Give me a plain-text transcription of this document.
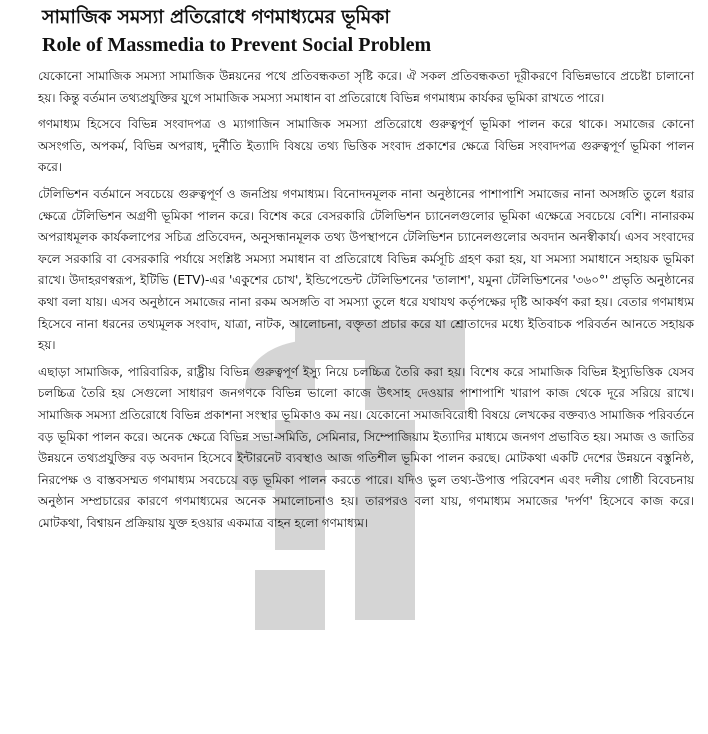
সামাজিক সমস্যা প্রতিরোধে গণমাধ্যমের ভূমিকা
Role of Massmedia to Prevent Social Problem

যেকোনো সামাজিক সমস্যা সামাজিক উন্নয়নের পথে প্রতিবন্ধকতা সৃষ্টি করে। ঐ সকল প্রতিবন্ধকতা দূরীকরণে বিভিন্নভাবে প্রচেষ্টা চালানো হয়। কিন্তু বর্তমান তথ্যপ্রযুক্তির যুগে সামাজিক সমস্যা সমাধান বা প্রতিরোধে বিভিন্ন গণমাধ্যম কার্যকর ভূমিকা রাখতে পারে।

গণমাধ্যম হিসেবে বিভিন্ন সংবাদপত্র ও ম্যাগাজিন সামাজিক সমস্যা প্রতিরোধে গুরুত্বপূর্ণ ভূমিকা পালন করে থাকে। সমাজের কোনো অসংগতি, অপকর্ম, বিভিন্ন অপরাধ, দুর্নীতি ইত্যাদি বিষয়ে তথ্য ভিত্তিক সংবাদ প্রকাশের ক্ষেত্রে বিভিন্ন সংবাদপত্র গুরুত্বপূর্ণ ভূমিকা পালন করে।

টেলিভিশন বর্তমানে সবচেয়ে গুরুত্বপূর্ণ ও জনপ্রিয় গণমাধ্যম। বিনোদনমূলক নানা অনুষ্ঠানের পাশাপাশি সমাজের নানা অসঙ্গতি তুলে ধরার ক্ষেত্রে টেলিভিশন অগ্রণী ভূমিকা পালন করে। বিশেষ করে বেসরকারি টেলিভিশন চ্যানেলগুলোর ভূমিকা এক্ষেত্রে সবচেয়ে বেশি। নানারকম অপরাধমূলক কার্যকলাপের সচিত্র প্রতিবেদন, অনুসন্ধানমূলক তথ্য উপস্থাপনে টেলিভিশন চ্যানেলগুলোর অবদান অনস্বীকার্য। এসব সংবাদের ফলে সরকারি বা বেসরকারি পর্যায়ে সংশ্লিষ্ট সমস্যা সমাধান বা প্রতিরোধে বিভিন্ন কর্মসূচি গ্রহণ করা হয়, যা সমস্যা সমাধানে সহায়ক ভূমিকা রাখে। উদাহরণস্বরূপ, ইটিভি (ETV)-এর 'একুশের চোখ', ইন্ডিপেন্ডেন্ট টেলিভিশনের 'তালাশ', যমুনা টেলিভিশনের '৩৬০°' প্রভৃতি অনুষ্ঠানের কথা বলা যায়। এসব অনুষ্ঠানে সমাজের নানা রকম অসঙ্গতি বা সমস্যা তুলে ধরে যথাযথ কর্তৃপক্ষের দৃষ্টি আকর্ষণ করা হয়। বেতার গণমাধ্যম হিসেবে নানা ধরনের তথ্যমূলক সংবাদ, যাত্রা, নাটক, আলোচনা, বক্তৃতা প্রচার করে যা শ্রোতাদের মধ্যে ইতিবাচক পরিবর্তন আনতে সহায়ক হয়।

এছাড়া সামাজিক, পারিবারিক, রাষ্ট্রীয় বিভিন্ন গুরুত্বপূর্ণ ইস্যু নিয়ে চলচ্চিত্র তৈরি করা হয়। বিশেষ করে সামাজিক বিভিন্ন ইস্যুভিত্তিক যেসব চলচ্চিত্র তৈরি হয় সেগুলো সাধারণ জনগণকে বিভিন্ন ভালো কাজে উৎসাহ দেওয়ার পাশাপাশি খারাপ কাজ থেকে দূরে সরিয়ে রাখে। সামাজিক সমস্যা প্রতিরোধে বিভিন্ন প্রকাশনা সংস্থার ভূমিকাও কম নয়। যেকোনো সমাজবিরোধী বিষয়ে লেখকের বক্তব্যও সামাজিক পরিবর্তনে বড় ভূমিকা পালন করে। অনেক ক্ষেত্রে বিভিন্ন সভা-সমিতি, সেমিনার, সিম্পোজিয়াম ইত্যাদির মাধ্যমে জনগণ প্রভাবিত হয়। সমাজ ও জাতির উন্নয়নে তথ্যপ্রযুক্তির বড় অবদান হিসেবে ইন্টারনেট ব্যবস্থাও আজ গতিশীল ভূমিকা পালন করছে। মোটকথা একটি দেশের উন্নয়নে বস্তুনিষ্ঠ, নিরপেক্ষ ও বাস্তবসম্মত গণমাধ্যম সবচেয়ে বড় ভূমিকা পালন করতে পারে। যদিও ভুল তথ্য-উপাত্ত পরিবেশন এবং দলীয় গোষ্ঠী বিবেচনায় অনুষ্ঠান সম্প্রচারের কারণে গণমাধ্যমের অনেক সমালোচনাও হয়। তারপরও বলা যায়, গণমাধ্যম সমাজের 'দর্পণ' হিসেবে কাজ করে। মোটকথা, বিশ্বায়ন প্রক্রিয়ায় যুক্ত হওয়ার একমাত্র বাহন হলো গণমাধ্যম।
